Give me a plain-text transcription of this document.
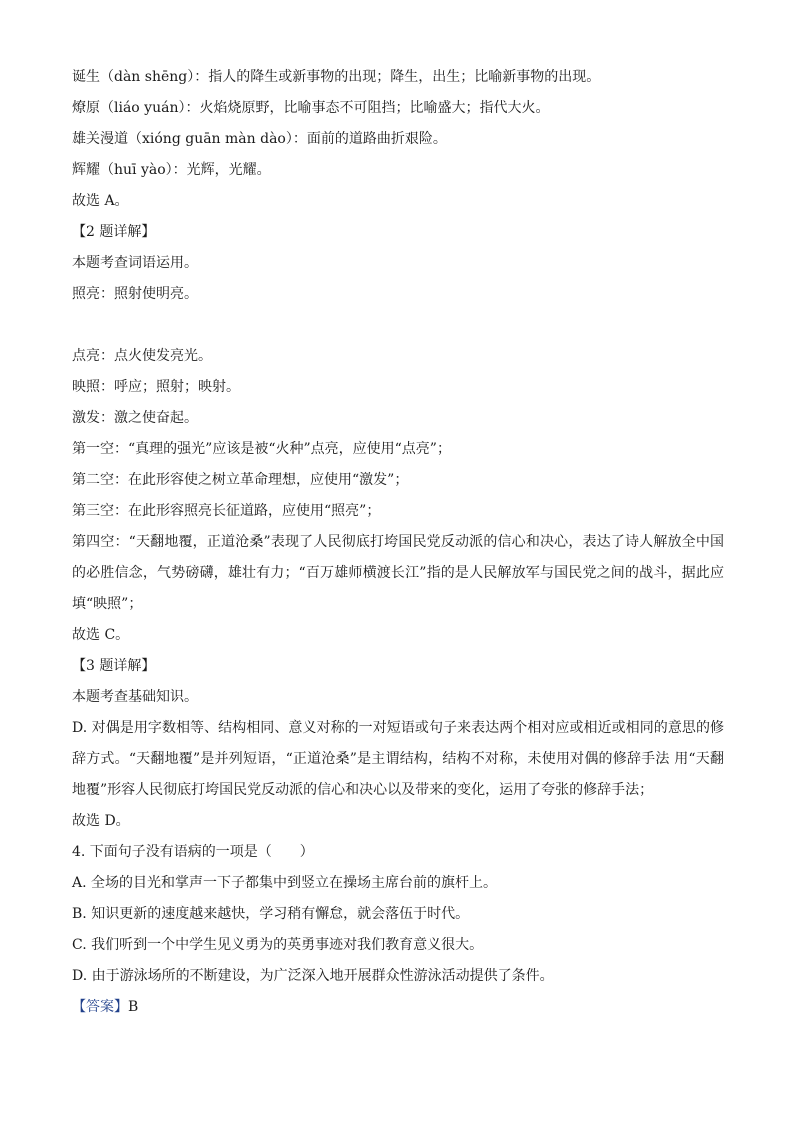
诞生（dàn shēng）：指人的降生或新事物的出现；降生，出生；比喻新事物的出现。
燎原（liáo yuán）：火焰烧原野，比喻事态不可阻挡；比喻盛大；指代大火。
雄关漫道（xióng guān màn dào）：面前的道路曲折艰险。
辉耀（huī yào）：光辉，光耀。
故选 A。
【2 题详解】
本题考查词语运用。
照亮：照射使明亮。
点亮：点火使发亮光。
映照：呼应；照射；映射。
激发：激之使奋起。
第一空：“真理的强光”应该是被“火种”点亮，应使用“点亮”；
第二空：在此形容使之树立革命理想，应使用“激发”；
第三空：在此形容照亮长征道路，应使用“照亮”；
第四空：“天翻地覆，正道沧桑”表现了人民彻底打垮国民党反动派的信心和决心，表达了诗人解放全中国的必胜信念，气势磅礴，雄壮有力；“百万雄师横渡长江”指的是人民解放军与国民党之间的战斗，据此应填“映照”；
故选 C。
【3 题详解】
本题考查基础知识。
D. 对偶是用字数相等、结构相同、意义对称的一对短语或句子来表达两个相对应或相近或相同的意思的修辞方式。“天翻地覆”是并列短语，“正道沧桑”是主谓结构，结构不对称，未使用对偶的修辞手法 用“天翻地覆”形容人民彻底打垮国民党反动派的信心和决心以及带来的变化，运用了夸张的修辞手法；
故选 D。
4. 下面句子没有语病的一项是（　　）
A. 全场的目光和掌声一下子都集中到竖立在操场主席台前的旗杆上。
B. 知识更新的速度越来越快，学习稍有懈怠，就会落伍于时代。
C. 我们听到一个中学生见义勇为的英勇事迹对我们教育意义很大。
D. 由于游泳场所的不断建设，为广泛深入地开展群众性游泳活动提供了条件。
【答案】B
